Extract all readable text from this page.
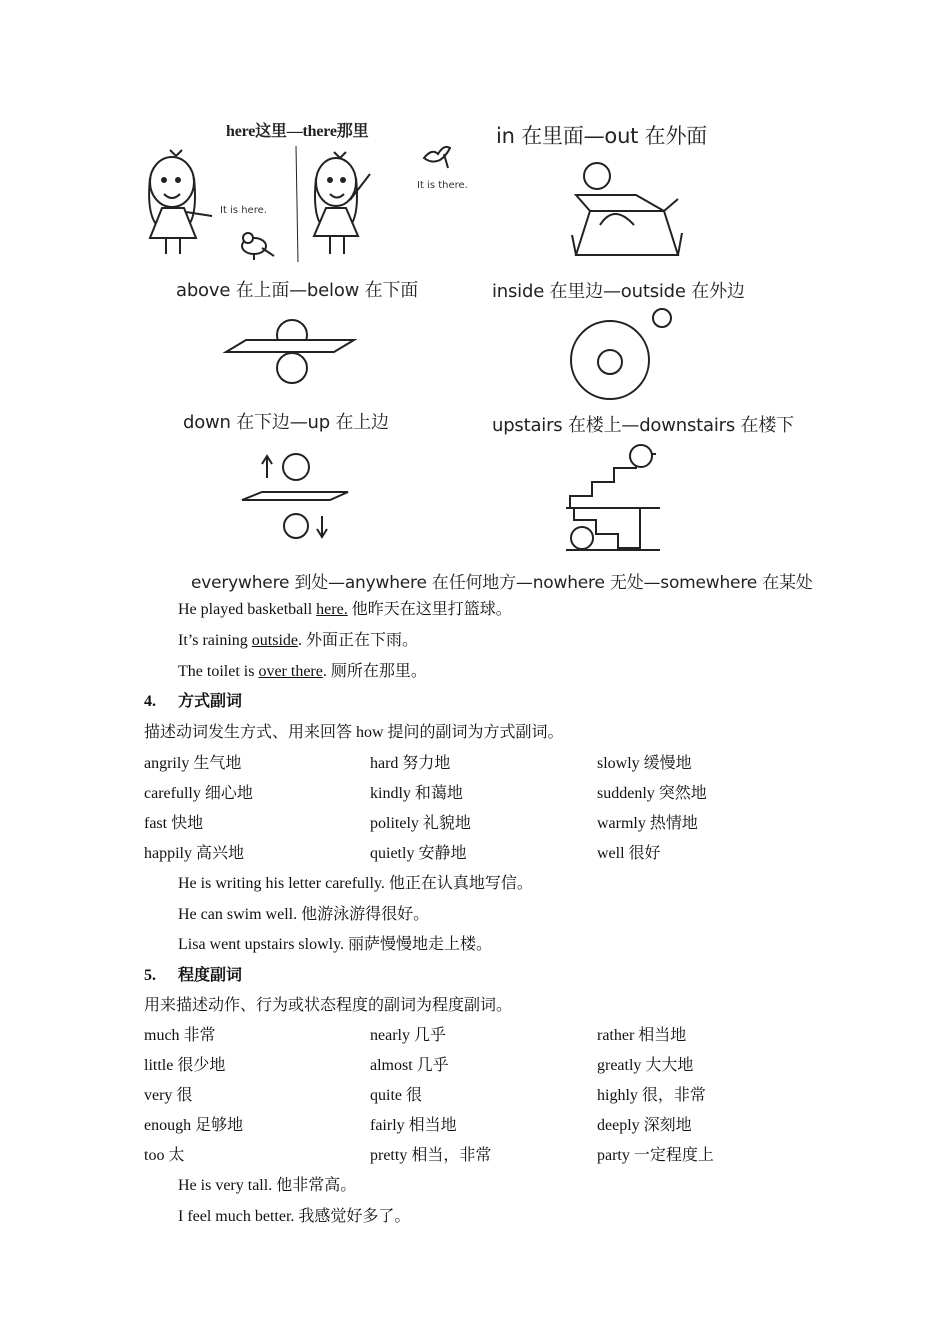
here这里—there那里
It is here.
It is there.
in 在里面—out 在外面
above 在上面—below 在下面	inside 在里边—outside 在外边
down 在下边—up 在上边	upstairs 在楼上—downstairs 在楼下
everywhere 到处—anywhere 在任何地方—nowhere 无处—somewhere 在某处
He played basketball here. 他昨天在这里打篮球。
It’s raining outside. 外面正在下雨。
The toilet is over there. 厕所在那里。
4. 方式副词
描述动词发生方式、用来回答 how 提问的副词为方式副词。
angrily 生气地	hard 努力地	slowly 缓慢地
carefully 细心地	kindly 和蔼地	suddenly 突然地
fast 快地	politely 礼貌地	warmly 热情地
happily 高兴地	quietly 安静地	well 很好
He is writing his letter carefully. 他正在认真地写信。
He can swim well. 他游泳游得很好。
Lisa went upstairs slowly. 丽萨慢慢地走上楼。
5. 程度副词
用来描述动作、行为或状态程度的副词为程度副词。
much 非常	nearly 几乎	rather 相当地
little 很少地	almost 几乎	greatly 大大地
very 很	quite 很	highly 很，非常
enough 足够地	fairly 相当地	deeply 深刻地
too 太	pretty 相当，非常	party 一定程度上
He is very tall. 他非常高。
I feel much better. 我感觉好多了。
